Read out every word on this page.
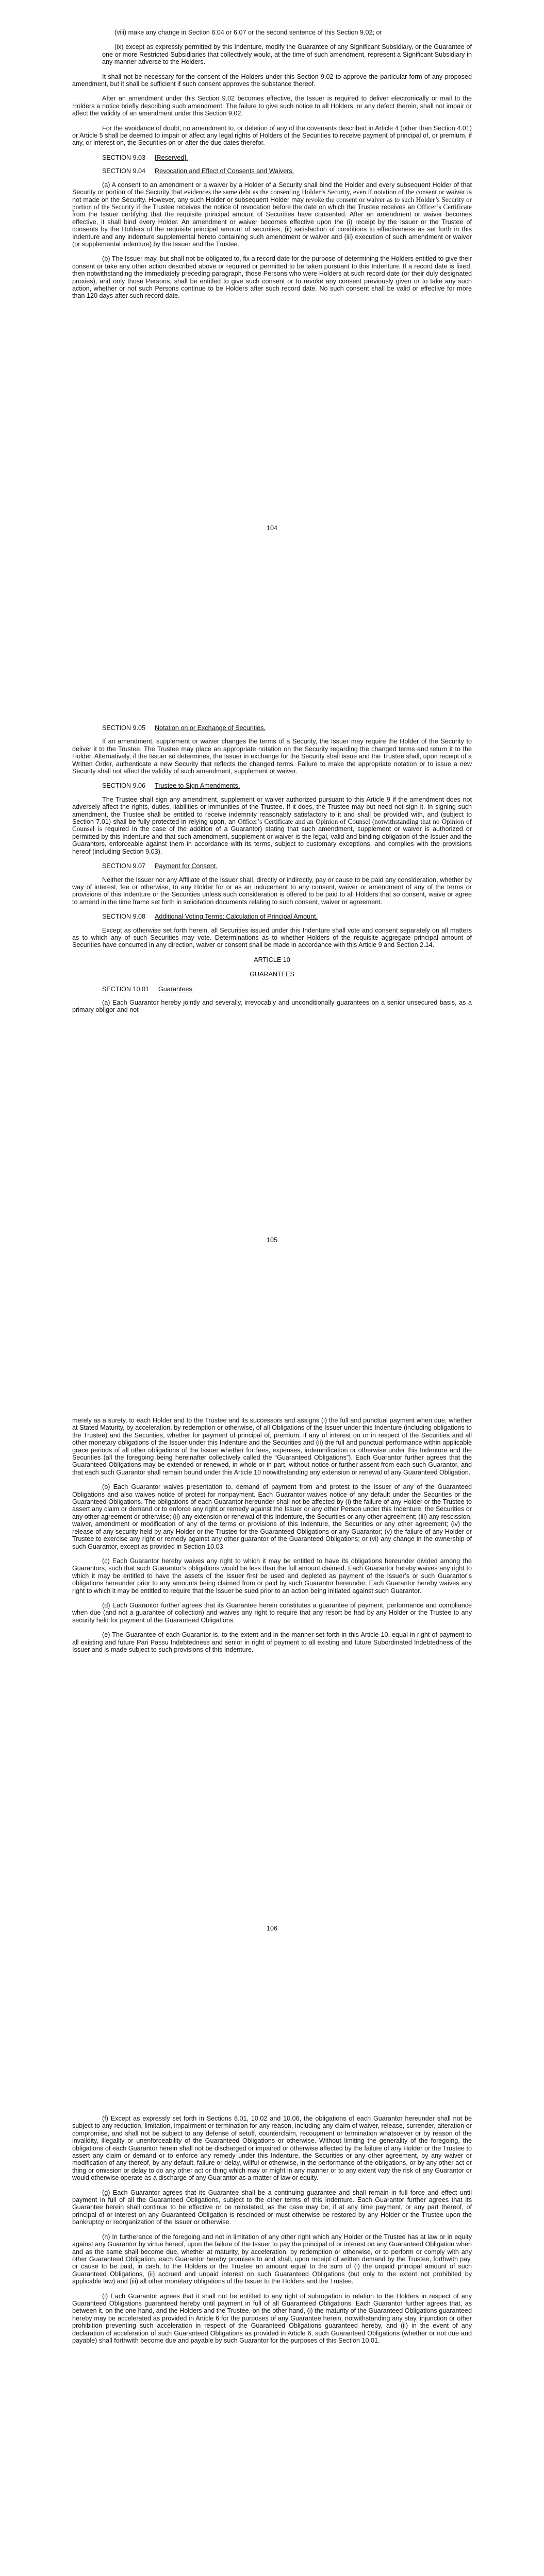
(viii) make any change in Section 6.04 or 6.07 or the second sentence of this Section 9.02; or

(ix) except as expressly permitted by this Indenture, modify the Guarantee of any Significant Subsidiary, or the Guarantee of one or more Restricted Subsidiaries that collectively would, at the time of such amendment, represent a Significant Subsidiary in any manner adverse to the Holders.

It shall not be necessary for the consent of the Holders under this Section 9.02 to approve the particular form of any proposed amendment, but it shall be sufficient if such consent approves the substance thereof.

After an amendment under this Section 9.02 becomes effective, the Issuer is required to deliver electronically or mail to the Holders a notice briefly describing such amendment. The failure to give such notice to all Holders, or any defect therein, shall not impair or affect the validity of an amendment under this Section 9.02.

For the avoidance of doubt, no amendment to, or deletion of any of the covenants described in Article 4 (other than Section 4.01) or Article 5 shall be deemed to impair or affect any legal rights of Holders of the Securities to receive payment of principal of, or premium, if any, or interest on, the Securities on or after the due dates therefor.

SECTION 9.03 [Reserved].
SECTION 9.04 Revocation and Effect of Consents and Waivers.

(a) A consent to an amendment or a waiver by a Holder of a Security shall bind the Holder and every subsequent Holder of that Security or portion of the Security that evidences the same debt as the consenting Holder’s Security, even if notation of the consent or waiver is not made on the Security. However, any such Holder or subsequent Holder may revoke the consent or waiver as to such Holder’s Security or portion of the Security if the Trustee receives the notice of revocation before the date on which the Trustee receives an Officer’s Certificate from the Issuer certifying that the requisite principal amount of Securities have consented. After an amendment or waiver becomes effective, it shall bind every Holder. An amendment or waiver becomes effective upon the (i) receipt by the Issuer or the Trustee of consents by the Holders of the requisite principal amount of securities, (ii) satisfaction of conditions to effectiveness as set forth in this Indenture and any indenture supplemental hereto containing such amendment or waiver and (iii) execution of such amendment or waiver (or supplemental indenture) by the Issuer and the Trustee.

(b) The Issuer may, but shall not be obligated to, fix a record date for the purpose of determining the Holders entitled to give their consent or take any other action described above or required or permitted to be taken pursuant to this Indenture. If a record date is fixed, then notwithstanding the immediately preceding paragraph, those Persons who were Holders at such record date (or their duly designated proxies), and only those Persons, shall be entitled to give such consent or to revoke any consent previously given or to take any such action, whether or not such Persons continue to be Holders after such record date. No such consent shall be valid or effective for more than 120 days after such record date.

104
SECTION 9.05 Notation on or Exchange of Securities.

If an amendment, supplement or waiver changes the terms of a Security, the Issuer may require the Holder of the Security to deliver it to the Trustee. The Trustee may place an appropriate notation on the Security regarding the changed terms and return it to the Holder. Alternatively, if the Issuer so determines, the Issuer in exchange for the Security shall issue and the Trustee shall, upon receipt of a Written Order, authenticate a new Security that reflects the changed terms. Failure to make the appropriate notation or to issue a new Security shall not affect the validity of such amendment, supplement or waiver.

SECTION 9.06 Trustee to Sign Amendments.

The Trustee shall sign any amendment, supplement or waiver authorized pursuant to this Article 9 if the amendment does not adversely affect the rights, duties, liabilities or immunities of the Trustee. If it does, the Trustee may but need not sign it. In signing such amendment, the Trustee shall be entitled to receive indemnity reasonably satisfactory to it and shall be provided with, and (subject to Section 7.01) shall be fully protected in relying upon, an Officer’s Certificate and an Opinion of Counsel (notwithstanding that no Opinion of Counsel is required in the case of the addition of a Guarantor) stating that such amendment, supplement or waiver is authorized or permitted by this Indenture and that such amendment, supplement or waiver is the legal, valid and binding obligation of the Issuer and the Guarantors, enforceable against them in accordance with its terms, subject to customary exceptions, and complies with the provisions hereof (including Section 9.03).

SECTION 9.07 Payment for Consent.

Neither the Issuer nor any Affiliate of the Issuer shall, directly or indirectly, pay or cause to be paid any consideration, whether by way of interest, fee or otherwise, to any Holder for or as an inducement to any consent, waiver or amendment of any of the terms or provisions of this Indenture or the Securities unless such consideration is offered to be paid to all Holders that so consent, waive or agree to amend in the time frame set forth in solicitation documents relating to such consent, waiver or agreement.

SECTION 9.08 Additional Voting Terms; Calculation of Principal Amount.

Except as otherwise set forth herein, all Securities issued under this Indenture shall vote and consent separately on all matters as to which any of such Securities may vote. Determinations as to whether Holders of the requisite aggregate principal amount of Securities have concurred in any direction, waiver or consent shall be made in accordance with this Article 9 and Section 2.14.

ARTICLE 10

GUARANTEES

SECTION 10.01 Guarantees.

(a) Each Guarantor hereby jointly and severally, irrevocably and unconditionally guarantees on a senior unsecured basis, as a primary obligor and not

105

merely as a surety, to each Holder and to the Trustee and its successors and assigns (i) the full and punctual payment when due, whether at Stated Maturity, by acceleration, by redemption or otherwise, of all Obligations of the Issuer under this Indenture (including obligations to the Trustee) and the Securities, whether for payment of principal of, premium, if any of interest on or in respect of the Securities and all other monetary obligations of the Issuer under this Indenture and the Securities and (ii) the full and punctual performance within applicable grace periods of all other obligations of the Issuer whether for fees, expenses, indemnification or otherwise under this Indenture and the Securities (all the foregoing being hereinafter collectively called the “Guaranteed Obligations”). Each Guarantor further agrees that the Guaranteed Obligations may be extended or renewed, in whole or in part, without notice or further assent from each such Guarantor, and that each such Guarantor shall remain bound under this Article 10 notwithstanding any extension or renewal of any Guaranteed Obligation.

(b) Each Guarantor waives presentation to, demand of payment from and protest to the Issuer of any of the Guaranteed Obligations and also waives notice of protest for nonpayment. Each Guarantor waives notice of any default under the Securities or the Guaranteed Obligations. The obligations of each Guarantor hereunder shall not be affected by (i) the failure of any Holder or the Trustee to assert any claim or demand or to enforce any right or remedy against the Issuer or any other Person under this Indenture, the Securities or any other agreement or otherwise; (ii) any extension or renewal of this Indenture, the Securities or any other agreement; (iii) any rescission, waiver, amendment or modification of any of the terms or provisions of this Indenture, the Securities or any other agreement; (iv) the release of any security held by any Holder or the Trustee for the Guaranteed Obligations or any Guarantor; (v) the failure of any Holder or Trustee to exercise any right or remedy against any other guarantor of the Guaranteed Obligations; or (vi) any change in the ownership of such Guarantor, except as provided in Section 10.03.

(c) Each Guarantor hereby waives any right to which it may be entitled to have its obligations hereunder divided among the Guarantors, such that such Guarantor’s obligations would be less than the full amount claimed. Each Guarantor hereby waives any right to which it may be entitled to have the assets of the Issuer first be used and depleted as payment of the Issuer’s or such Guarantor’s obligations hereunder prior to any amounts being claimed from or paid by such Guarantor hereunder. Each Guarantor hereby waives any right to which it may be entitled to require that the Issuer be sued prior to an action being initiated against such Guarantor.

(d) Each Guarantor further agrees that its Guarantee herein constitutes a guarantee of payment, performance and compliance when due (and not a guarantee of collection) and waives any right to require that any resort be had by any Holder or the Trustee to any security held for payment of the Guaranteed Obligations.

(e) The Guarantee of each Guarantor is, to the extent and in the manner set forth in this Article 10, equal in right of payment to all existing and future Pari Passu Indebtedness and senior in right of payment to all existing and future Subordinated Indebtedness of the Issuer and is made subject to such provisions of this Indenture.

106

(f) Except as expressly set forth in Sections 8.01, 10.02 and 10.06, the obligations of each Guarantor hereunder shall not be subject to any reduction, limitation, impairment or termination for any reason, including any claim of waiver, release, surrender, alteration or compromise, and shall not be subject to any defense of setoff, counterclaim, recoupment or termination whatsoever or by reason of the invalidity, illegality or unenforceability of the Guaranteed Obligations or otherwise. Without limiting the generality of the foregoing, the obligations of each Guarantor herein shall not be discharged or impaired or otherwise affected by the failure of any Holder or the Trustee to assert any claim or demand or to enforce any remedy under this Indenture, the Securities or any other agreement, by any waiver or modification of any thereof, by any default, failure or delay, willful or otherwise, in the performance of the obligations, or by any other act or thing or omission or delay to do any other act or thing which may or might in any manner or to any extent vary the risk of any Guarantor or would otherwise operate as a discharge of any Guarantor as a matter of law or equity.

(g) Each Guarantor agrees that its Guarantee shall be a continuing guarantee and shall remain in full force and effect until payment in full of all the Guaranteed Obligations, subject to the other terms of this Indenture. Each Guarantor further agrees that its Guarantee herein shall continue to be effective or be reinstated, as the case may be, if at any time payment, or any part thereof, of principal of or interest on any Guaranteed Obligation is rescinded or must otherwise be restored by any Holder or the Trustee upon the bankruptcy or reorganization of the Issuer or otherwise.

(h) In furtherance of the foregoing and not in limitation of any other right which any Holder or the Trustee has at law or in equity against any Guarantor by virtue hereof, upon the failure of the Issuer to pay the principal of or interest on any Guaranteed Obligation when and as the same shall become due, whether at maturity, by acceleration, by redemption or otherwise, or to perform or comply with any other Guaranteed Obligation, each Guarantor hereby promises to and shall, upon receipt of written demand by the Trustee, forthwith pay, or cause to be paid, in cash, to the Holders or the Trustee an amount equal to the sum of (i) the unpaid principal amount of such Guaranteed Obligations, (ii) accrued and unpaid interest on such Guaranteed Obligations (but only to the extent not prohibited by applicable law) and (iii) all other monetary obligations of the Issuer to the Holders and the Trustee.

(i) Each Guarantor agrees that it shall not be entitled to any right of subrogation in relation to the Holders in respect of any Guaranteed Obligations guaranteed hereby until payment in full of all Guaranteed Obligations. Each Guarantor further agrees that, as between it, on the one hand, and the Holders and the Trustee, on the other hand, (i) the maturity of the Guaranteed Obligations guaranteed hereby may be accelerated as provided in Article 6 for the purposes of any Guarantee herein, notwithstanding any stay, injunction or other prohibition preventing such acceleration in respect of the Guaranteed Obligations guaranteed hereby, and (ii) in the event of any declaration of acceleration of such Guaranteed Obligations as provided in Article 6, such Guaranteed Obligations (whether or not due and payable) shall forthwith become due and payable by such Guarantor for the purposes of this Section 10.01.
